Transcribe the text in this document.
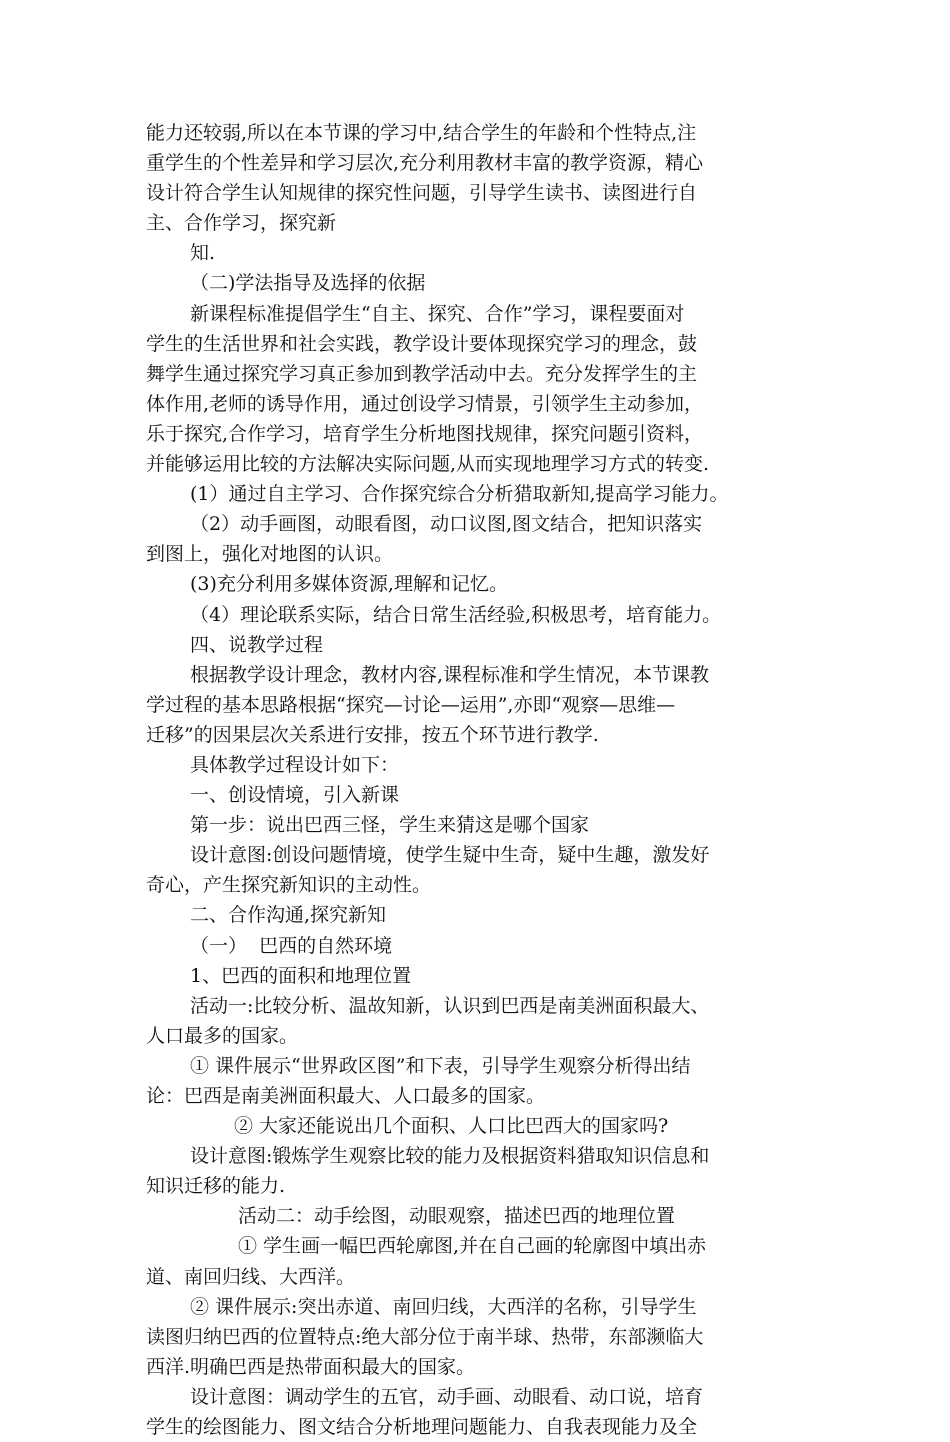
能力还较弱,所以在本节课的学习中,结合学生的年龄和个性特点,注
重学生的个性差异和学习层次,充分利用教材丰富的教学资源，精心
设计符合学生认知规律的探究性问题，引导学生读书、读图进行自
主、合作学习，探究新
知.
（二)学法指导及选择的依据
新课程标准提倡学生“自主、探究、合作”学习，课程要面对
学生的生活世界和社会实践，教学设计要体现探究学习的理念，鼓
舞学生通过探究学习真正参加到教学活动中去。充分发挥学生的主
体作用,老师的诱导作用，通过创设学习情景，引领学生主动参加，
乐于探究,合作学习，培育学生分析地图找规律，探究问题引资料，
并能够运用比较的方法解决实际问题,从而实现地理学习方式的转变.
(1）通过自主学习、合作探究综合分析猎取新知,提高学习能力。
（2）动手画图，动眼看图，动口议图,图文结合，把知识落实
到图上，强化对地图的认识。
(3)充分利用多媒体资源,理解和记忆。
（4）理论联系实际，结合日常生活经验,积极思考，培育能力。
四、说教学过程
根据教学设计理念，教材内容,课程标准和学生情况，本节课教
学过程的基本思路根据“探究—讨论—运用”,亦即“观察—思维—
迁移”的因果层次关系进行安排，按五个环节进行教学.
具体教学过程设计如下：
一、创设情境，引入新课
第一步：说出巴西三怪，学生来猜这是哪个国家
设计意图:创设问题情境，使学生疑中生奇，疑中生趣，激发好
奇心，产生探究新知识的主动性。
二、合作沟通,探究新知
（一）  巴西的自然环境
1、巴西的面积和地理位置
活动一:比较分析、温故知新，认识到巴西是南美洲面积最大、
人口最多的国家。
① 课件展示“世界政区图”和下表，引导学生观察分析得出结
论：巴西是南美洲面积最大、人口最多的国家。
② 大家还能说出几个面积、人口比巴西大的国家吗?
设计意图:锻炼学生观察比较的能力及根据资料猎取知识信息和
知识迁移的能力.
活动二：动手绘图，动眼观察，描述巴西的地理位置
① 学生画一幅巴西轮廓图,并在自己画的轮廓图中填出赤
道、南回归线、大西洋。
② 课件展示:突出赤道、南回归线，大西洋的名称，引导学生
读图归纳巴西的位置特点:绝大部分位于南半球、热带，东部濒临大
西洋.明确巴西是热带面积最大的国家。
设计意图：调动学生的五官，动手画、动眼看、动口说，培育
学生的绘图能力、图文结合分析地理问题能力、自我表现能力及全
